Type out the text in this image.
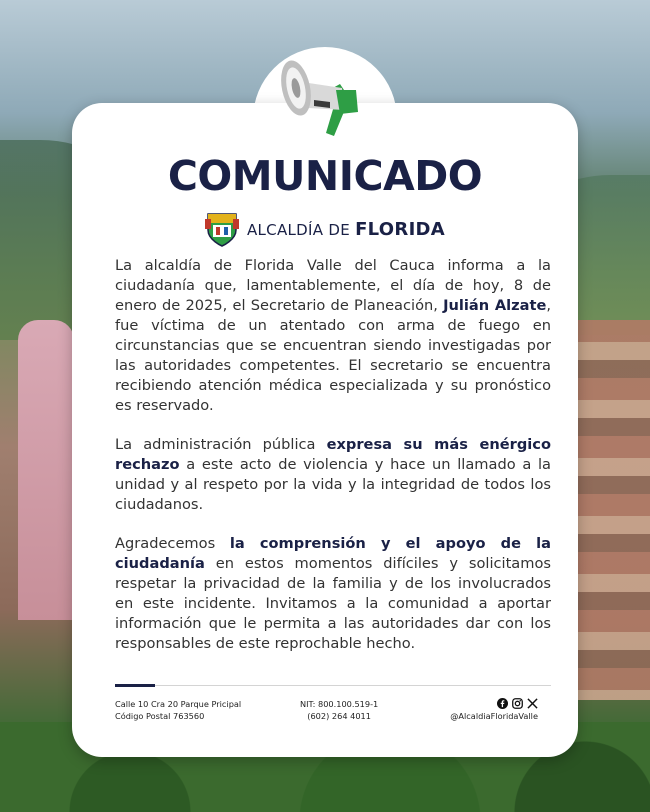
COMUNICADO
ALCALDÍA DE FLORIDA

La alcaldía de Florida Valle del Cauca informa a la ciudadanía que, lamentablemente, el día de hoy, 8 de enero de 2025, el Secretario de Planeación, Julián Alzate, fue víctima de un atentado con arma de fuego en circunstancias que se encuentran siendo investigadas por las autoridades competentes. El secretario se encuentra recibiendo atención médica especializada y su pronóstico es reservado.

La administración pública expresa su más enérgico rechazo a este acto de violencia y hace un llamado a la unidad y al respeto por la vida y la integridad de todos los ciudadanos.

Agradecemos la comprensión y el apoyo de la ciudadanía en estos momentos difíciles y solicitamos respetar la privacidad de la familia y de los involucrados en este incidente. Invitamos a la comunidad a aportar información que le permita a las autoridades dar con los responsables de este reprochable hecho.

Calle 10 Cra 20 Parque Pricipal
Código Postal 763560
NIT: 800.100.519-1
(602) 264 4011	@AlcaldiaFloridaValle
